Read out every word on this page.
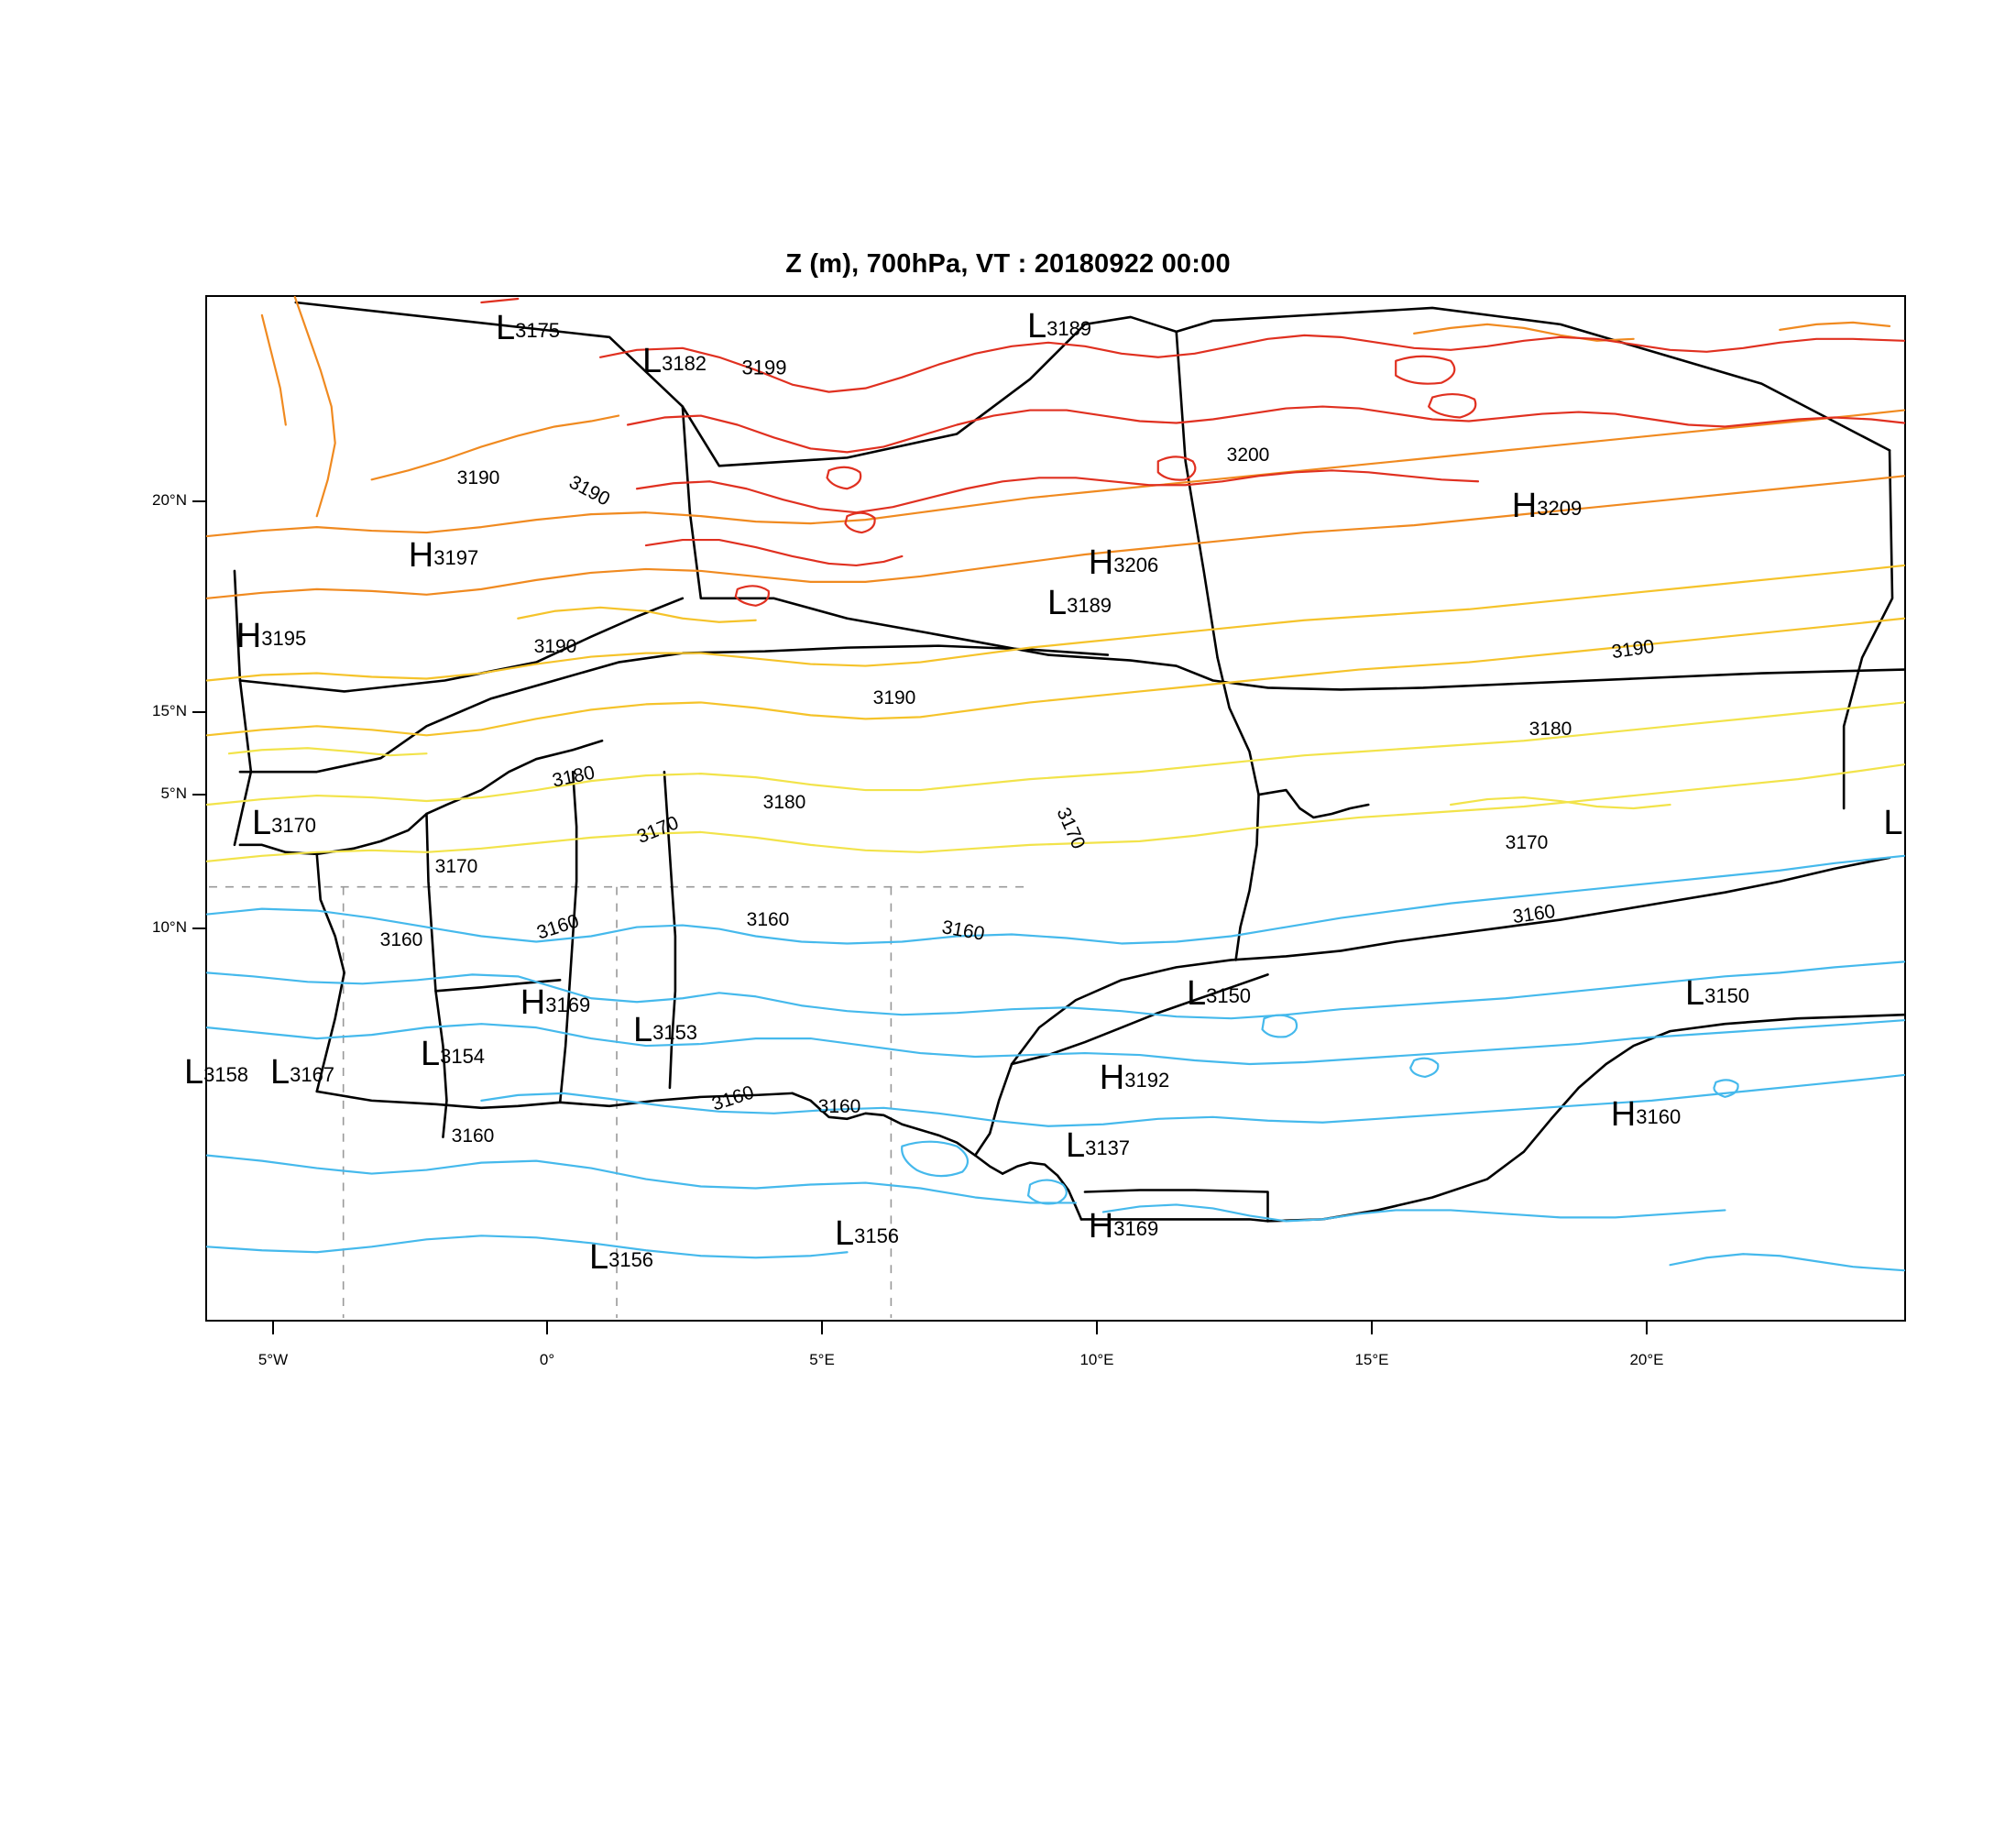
Z (m), 700hPa, VT : 20180922 00:00
3190	3190
3200
3190
3190
3190
3180
3180
3180
3170	3170
3170
3170
3160
3160
3160	3160
3160
3160	3160
3160
L3175
L3182 3199
L3189
H3209
H3197	H3206
L3189
H3195
L3170	L
H3169
L3154
L3153
L3150	L3150
L3158 L3167	H3192
L3137
H3160
H3169
L3156
L3156
5°N
10°N
15°N
20°N
5°W	0°	5°E	10°E	15°E	20°E
